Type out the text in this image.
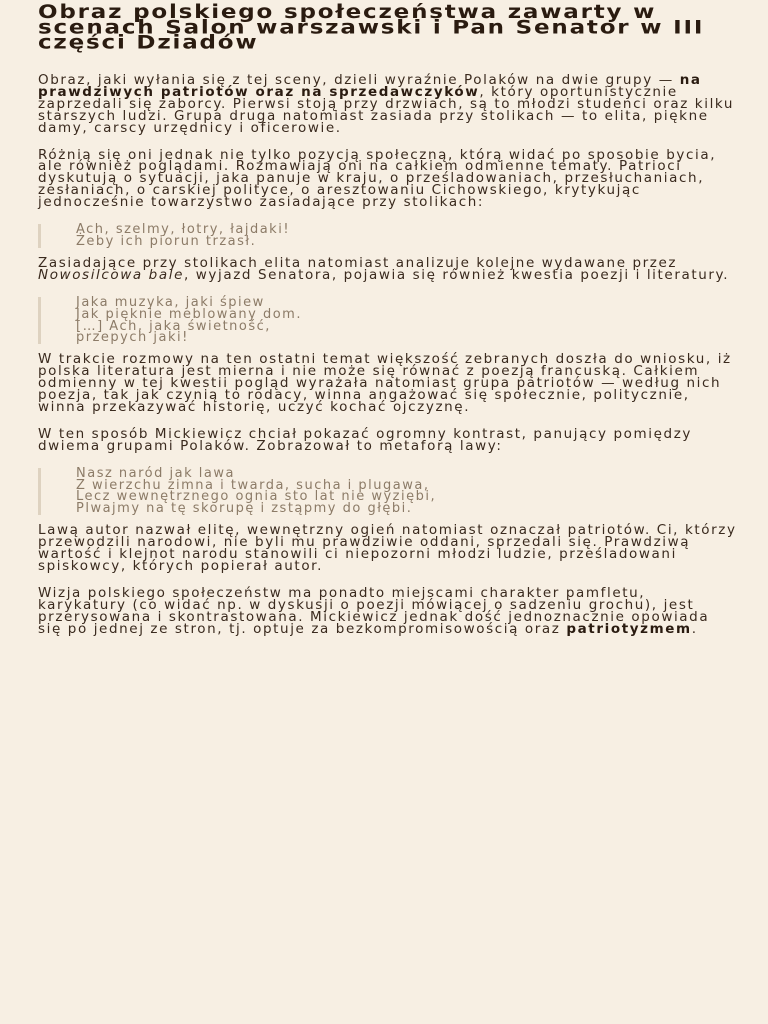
Obraz polskiego społeczeństwa zawarty w scenach Salon warszawski i Pan Senator w III części Dziadów

Obraz, jaki wyłania się z tej sceny, dzieli wyraźnie Polaków na dwie grupy — na prawdziwych patriotów oraz na sprzedawczyków, który oportunistycznie zaprzedali się zaborcy. Pierwsi stoją przy drzwiach, są to młodzi studenci oraz kilku starszych ludzi. Grupa druga natomiast zasiada przy stolikach — to elita, piękne damy, carscy urzędnicy i oficerowie.

Różnią się oni jednak nie tylko pozycją społeczną, którą widać po sposobie bycia, ale również poglądami. Rozmawiają oni na całkiem odmienne tematy. Patrioci dyskutują o sytuacji, jaka panuje w kraju, o prześladowaniach, przesłuchaniach, zesłaniach, o carskiej polityce, o aresztowaniu Cichowskiego, krytykując jednocześnie towarzystwo zasiadające przy stolikach:

Ach, szelmy, łotry, łajdaki!
Żeby ich piorun trzasł.

Zasiadające przy stolikach elita natomiast analizuje kolejne wydawane przez Nowosilcowa bale, wyjazd Senatora, pojawia się również kwestia poezji i literatury.

Jaka muzyka, jaki śpiew
Jak pięknie meblowany dom.
[…] Ach, jaka świetność,
przepych jaki!

W trakcie rozmowy na ten ostatni temat większość zebranych doszła do wniosku, iż polska literatura jest mierna i nie może się równać z poezją francuską. Całkiem odmienny w tej kwestii pogląd wyrażała natomiast grupa patriotów — według nich poezja, tak jak czynią to rodacy, winna angażować się społecznie, politycznie, winna przekazywać historię, uczyć kochać ojczyznę.

W ten sposób Mickiewicz chciał pokazać ogromny kontrast, panujący pomiędzy dwiema grupami Polaków. Zobrazował to metaforą lawy:

Nasz naród jak lawa
Z wierzchu zimna i twarda, sucha i plugawa,
Lecz wewnętrznego ognia sto lat nie wyziębi,
Plwajmy na tę skorupę i zstąpmy do głębi.

Lawą autor nazwał elitę, wewnętrzny ogień natomiast oznaczał patriotów. Ci, którzy przewodzili narodowi, nie byli mu prawdziwie oddani, sprzedali się. Prawdziwą wartość i klejnot narodu stanowili ci niepozorni młodzi ludzie, prześladowani spiskowcy, których popierał autor.

Wizja polskiego społeczeństw ma ponadto miejscami charakter pamfletu, karykatury (co widać np. w dyskusji o poezji mówiącej o sadzeniu grochu), jest przerysowana i skontrastowana. Mickiewicz jednak dość jednoznacznie opowiada się po jednej ze stron, tj. optuje za bezkompromisowością oraz patriotyzmem.
